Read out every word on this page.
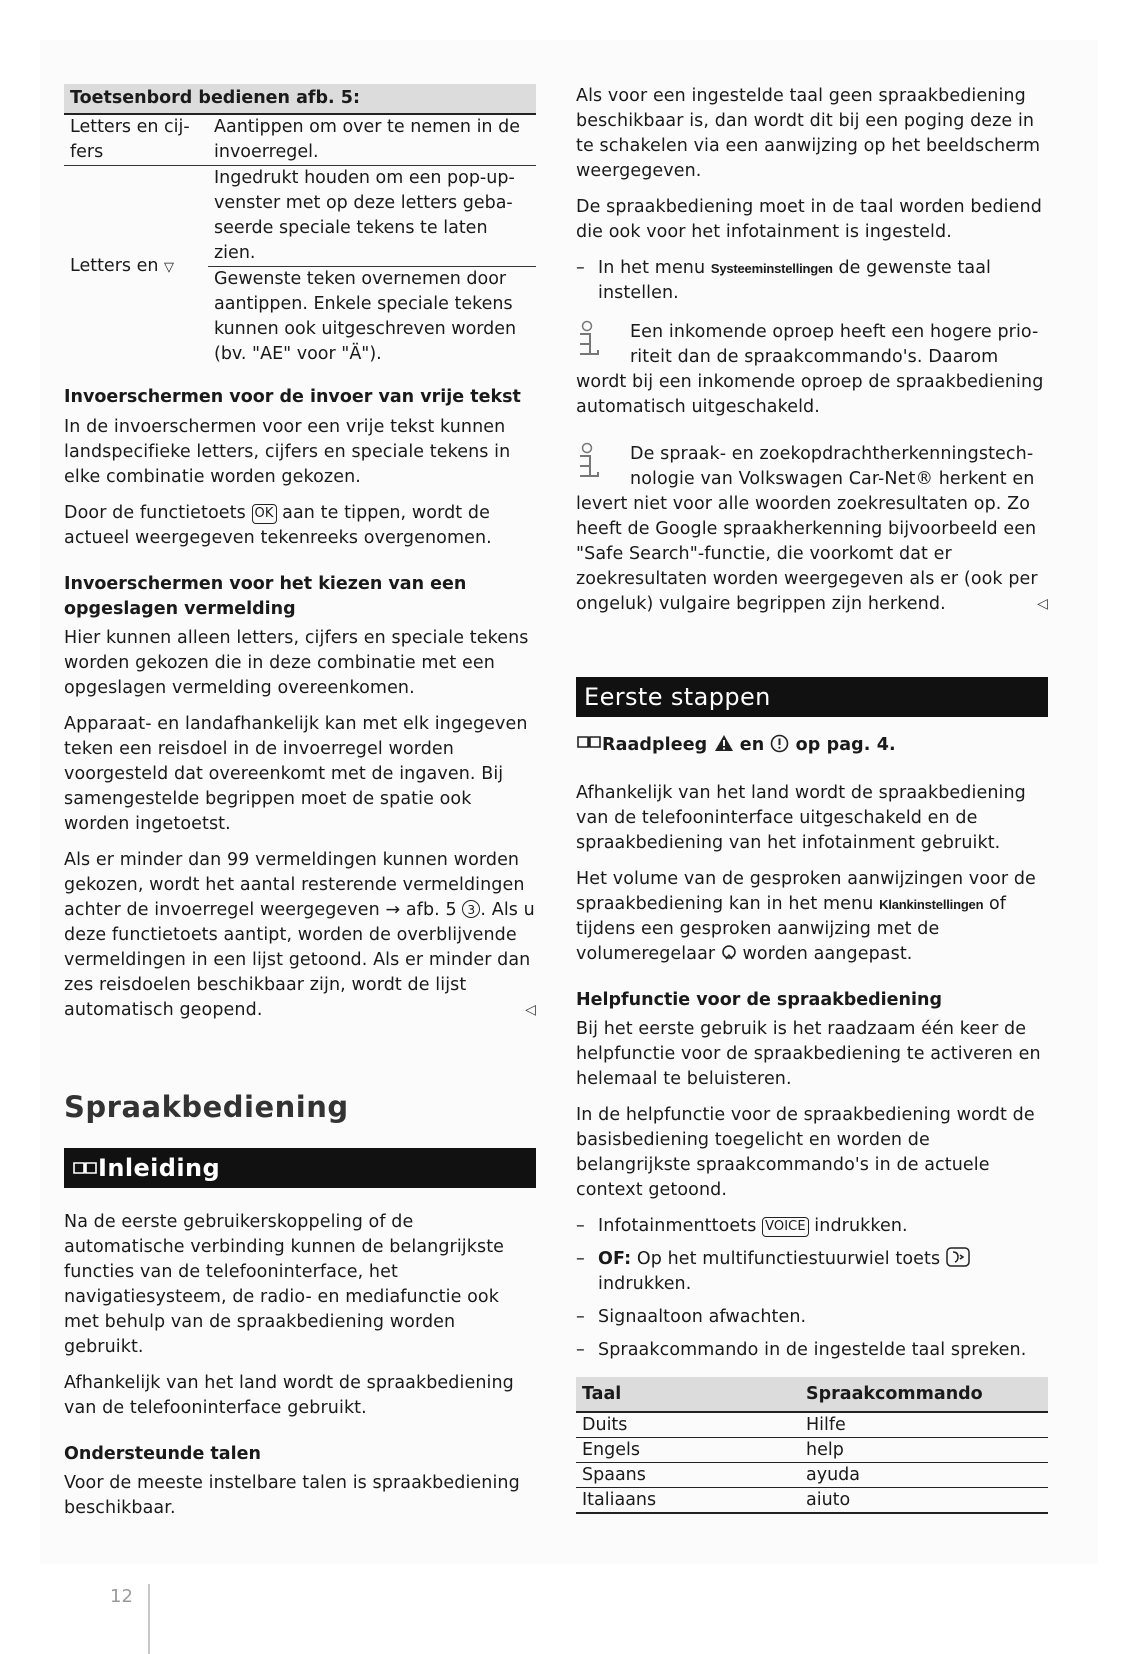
Toetsenbord bedienen afb. 5:	
Letters en cij-
fers	Aantippen om over te nemen in de
invoerregel.
Letters en ▽	Ingedrukt houden om een pop-up-
venster met op deze letters geba-
seerde speciale tekens te laten
zien.
	Gewenste teken overnemen door
aantippen. Enkele speciale tekens
kunnen ook uitgeschreven worden
(bv. "AE" voor "Ä").
Invoerschermen voor de invoer van vrije tekst

In de invoerschermen voor een vrije tekst kunnen landspecifieke letters, cijfers en speciale tekens in elke combinatie worden gekozen.

Door de functietoets OK aan te tippen, wordt de actueel weergegeven tekenreeks overgenomen.

Invoerschermen voor het kiezen van een opgeslagen vermelding

Hier kunnen alleen letters, cijfers en speciale tekens worden gekozen die in deze combinatie met een opgeslagen vermelding overeenkomen.

Apparaat- en landafhankelijk kan met elk ingegeven teken een reisdoel in de invoerregel worden voorgesteld dat overeenkomt met de ingaven. Bij samengestelde begrippen moet de spatie ook worden ingetoetst.

Als er minder dan 99 vermeldingen kunnen worden gekozen, wordt het aantal resterende vermeldingen achter de invoerregel weergegeven → afb. 5 3 . Als u deze functietoets aantipt, worden de overblijvende vermeldingen in een lijst getoond. Als er minder dan zes reisdoelen beschikbaar zijn, wordt de lijst automatisch geopend.	◁

Spraakbediening
Inleiding

Na de eerste gebruikerskoppeling of de automatische verbinding kunnen de belangrijkste functies van de telefooninterface, het navigatiesysteem, de radio- en mediafunctie ook met behulp van de spraakbediening worden gebruikt.

Afhankelijk van het land wordt de spraakbediening van de telefooninterface gebruikt.

Ondersteunde talen

Voor de meeste instelbare talen is spraakbediening beschikbaar.

Als voor een ingestelde taal geen spraakbediening beschikbaar is, dan wordt dit bij een poging deze in te schakelen via een aanwijzing op het beeldscherm weergegeven.

De spraakbediening moet in de taal worden bediend die ook voor het infotainment is ingesteld.

– In het menu Systeeminstellingen de gewenste taal instellen.

Een inkomende oproep heeft een hogere prio-

riteit dan de spraakcommando's. Daarom

wordt bij een inkomende oproep de spraakbediening automatisch uitgeschakeld.

De spraak- en zoekopdrachtherkenningstech-

nologie van Volkswagen Car-Net® herkent en

levert niet voor alle woorden zoekresultaten op. Zo heeft de Google spraakherkenning bijvoorbeeld een "Safe Search"-functie, die voorkomt dat er zoekresultaten worden weergegeven als er (ook per ongeluk) vulgaire begrippen zijn herkend.	◁

Eerste stappen

Raadpleeg en op pag. 4.

Afhankelijk van het land wordt de spraakbediening van de telefooninterface uitgeschakeld en de spraakbediening van het infotainment gebruikt.

Het volume van de gesproken aanwijzingen voor de spraakbediening kan in het menu Klankinstellingen of tijdens een gesproken aanwijzing met de volumeregelaar  worden aangepast.

Helpfunctie voor de spraakbediening

Bij het eerste gebruik is het raadzaam één keer de helpfunctie voor de spraakbediening te activeren en helemaal te beluisteren.

In de helpfunctie voor de spraakbediening wordt de basisbediening toegelicht en worden de belangrijkste spraakcommando's in de actuele context getoond.

– Infotainmenttoets VOICE indrukken.

– OF: Op het multifunctiestuurwiel toets  indrukken.

– Signaaltoon afwachten.

– Spraakcommando in de ingestelde taal spreken.

Taal	Spraakcommando
Duits	Hilfe
Engels	help
Spaans	ayuda
Italiaans	aiuto
12
